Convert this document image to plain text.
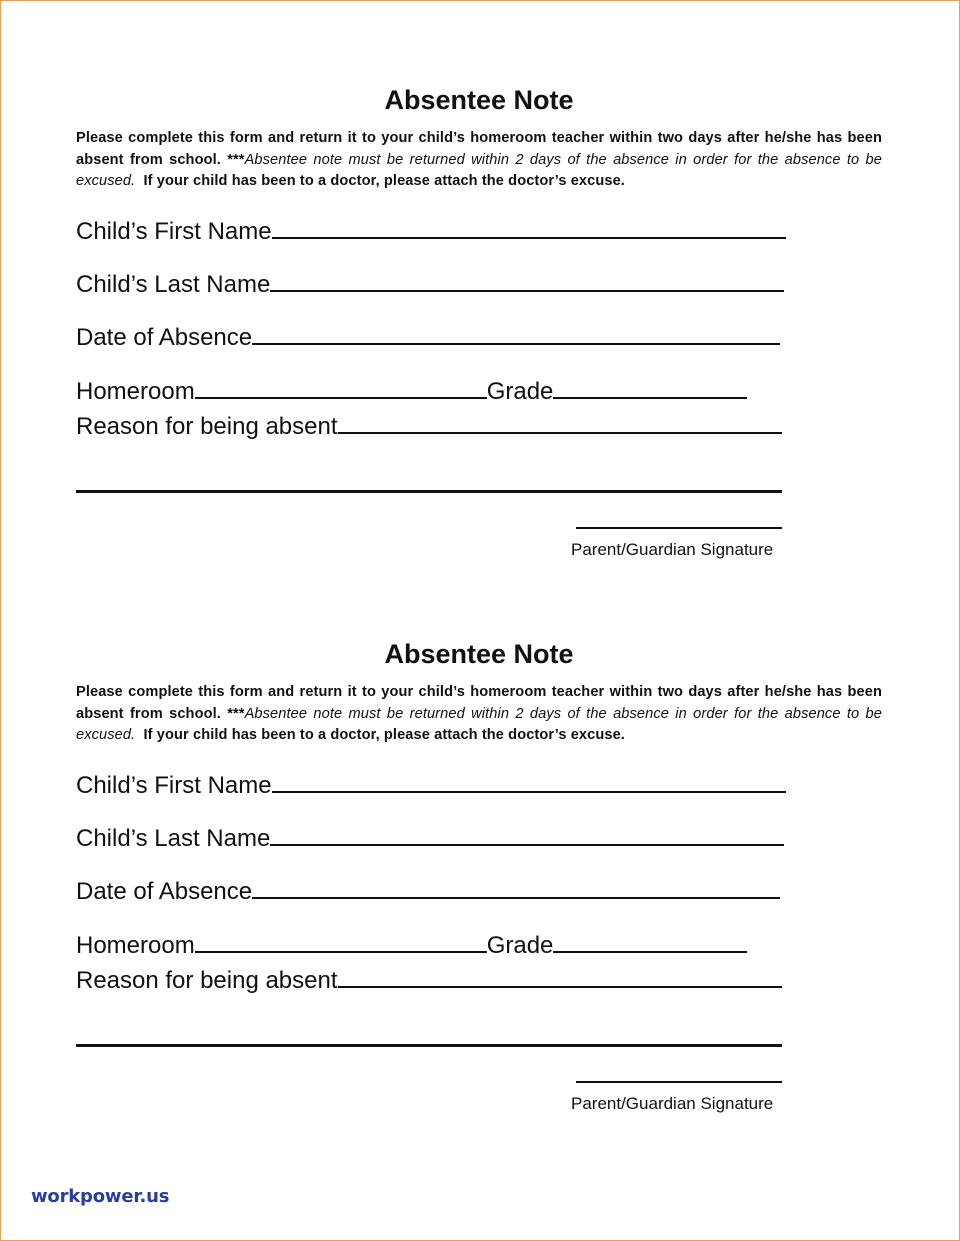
Absentee Note
Please complete this form and return it to your child’s homeroom teacher within two days after he/she has been absent from school. ***Absentee note must be returned within 2 days of the absence in order for the absence to be excused. If your child has been to a doctor, please attach the doctor’s excuse.
Child’s First Name
Child’s Last Name
Date of Absence
Homeroom	Grade
Reason for being absent
Parent/Guardian Signature
Absentee Note
Please complete this form and return it to your child’s homeroom teacher within two days after he/she has been absent from school. ***Absentee note must be returned within 2 days of the absence in order for the absence to be excused. If your child has been to a doctor, please attach the doctor’s excuse.
Child’s First Name
Child’s Last Name
Date of Absence
Homeroom	Grade
Reason for being absent
Parent/Guardian Signature
workpower.us
